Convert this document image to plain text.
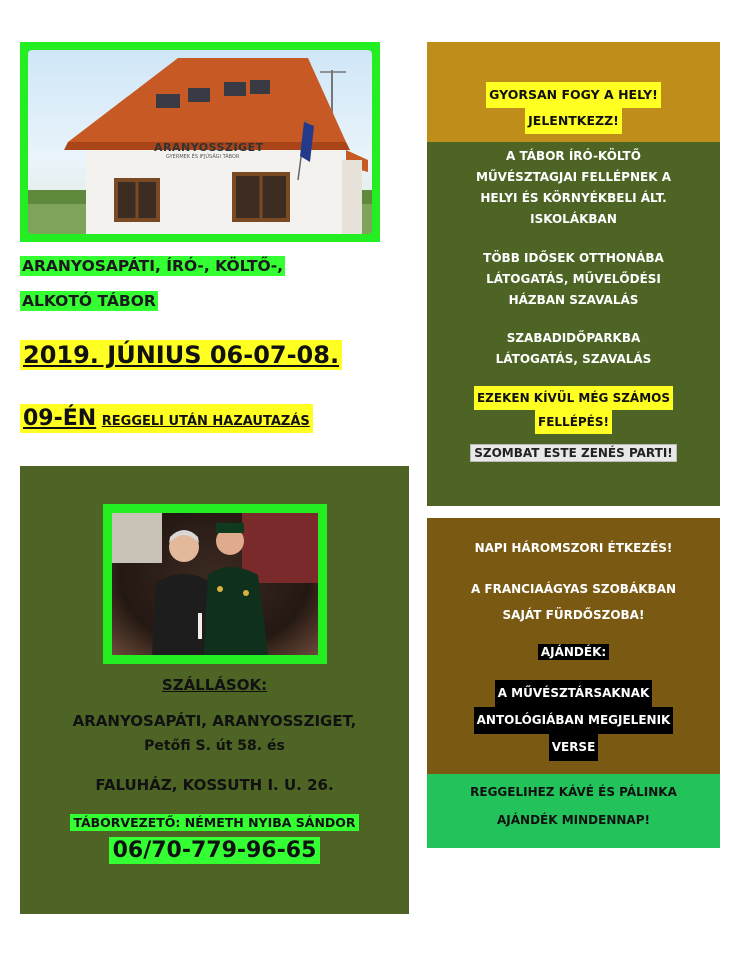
ARANYOSSZIGET
GYERMEK ÉS IFJÚSÁGI TÁBOR
ARANYOSAPÁTI, ÍRÓ-, KÖLTŐ-,
ALKOTÓ TÁBOR
2019. JÚNIUS 06-07-08.
09-ÉN REGGELI UTÁN HAZAUTAZÁS
SZÁLLÁSOK:
ARANYOSAPÁTI, ARANYOSSZIGET,
Petőfi S. út 58. és
FALUHÁZ, KOSSUTH I. U. 26.
TÁBORVEZETŐ: NÉMETH NYIBA SÁNDOR
06/70-779-96-65
GYORSAN FOGY A HELY!
JELENTKEZZ!
A TÁBOR ÍRÓ-KÖLTŐ
MŰVÉSZTAGJAI FELLÉPNEK A
HELYI ÉS KÖRNYÉKBELI ÁLT.
ISKOLÁKBAN
TÖBB IDŐSEK OTTHONÁBA
LÁTOGATÁS, MŰVELŐDÉSI
HÁZBAN SZAVALÁS
SZABADIDŐPARKBA
LÁTOGATÁS, SZAVALÁS
EZEKEN KÍVÜL MÉG SZÁMOS
FELLÉPÉS!
SZOMBAT ESTE ZENÉS PARTI!
NAPI HÁROMSZORI ÉTKEZÉS!
A FRANCIAÁGYAS SZOBÁKBAN
SAJÁT FÜRDŐSZOBA!
AJÁNDÉK:
A MŰVÉSZTÁRSAKNAK
ANTOLÓGIÁBAN MEGJELENIK
VERSE
REGGELIHEZ KÁVÉ ÉS PÁLINKA
AJÁNDÉK MINDENNAP!
